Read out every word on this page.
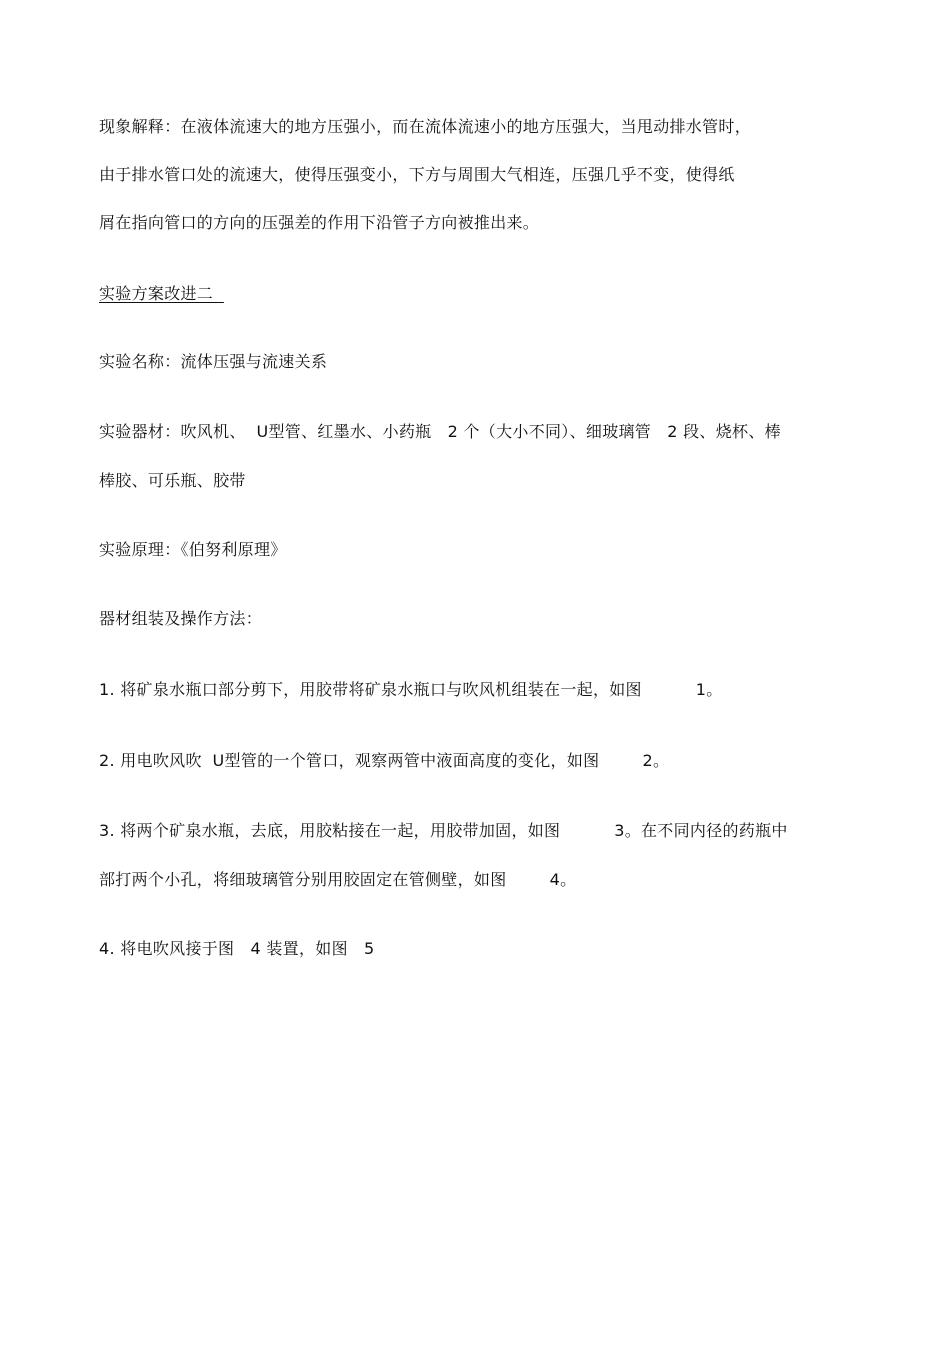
现象解释：在液体流速大的地方压强小，而在流体流速小的地方压强大，当甩动排水管时，
由于排水管口处的流速大，使得压强变小，下方与周围大气相连，压强几乎不变，使得纸
屑在指向管口的方向的压强差的作用下沿管子方向被推出来。
实验方案改进二
实验名称：流体压强与流速关系
实验器材：吹风机、  U型管、红墨水、小药瓶   2 个（大小不同）、细玻璃管   2 段、烧杯、棒
棒胶、可乐瓶、胶带
实验原理：《伯努利原理》
器材组装及操作方法：
1. 将矿泉水瓶口部分剪下，用胶带将矿泉水瓶口与吹风机组装在一起，如图          1。
2. 用电吹风吹  U型管的一个管口，观察两管中液面高度的变化，如图        2。
3. 将两个矿泉水瓶，去底，用胶粘接在一起，用胶带加固，如图          3。在不同内径的药瓶中
部打两个小孔，将细玻璃管分别用胶固定在管侧壁，如图        4。
4. 将电吹风接于图   4 装置，如图   5
